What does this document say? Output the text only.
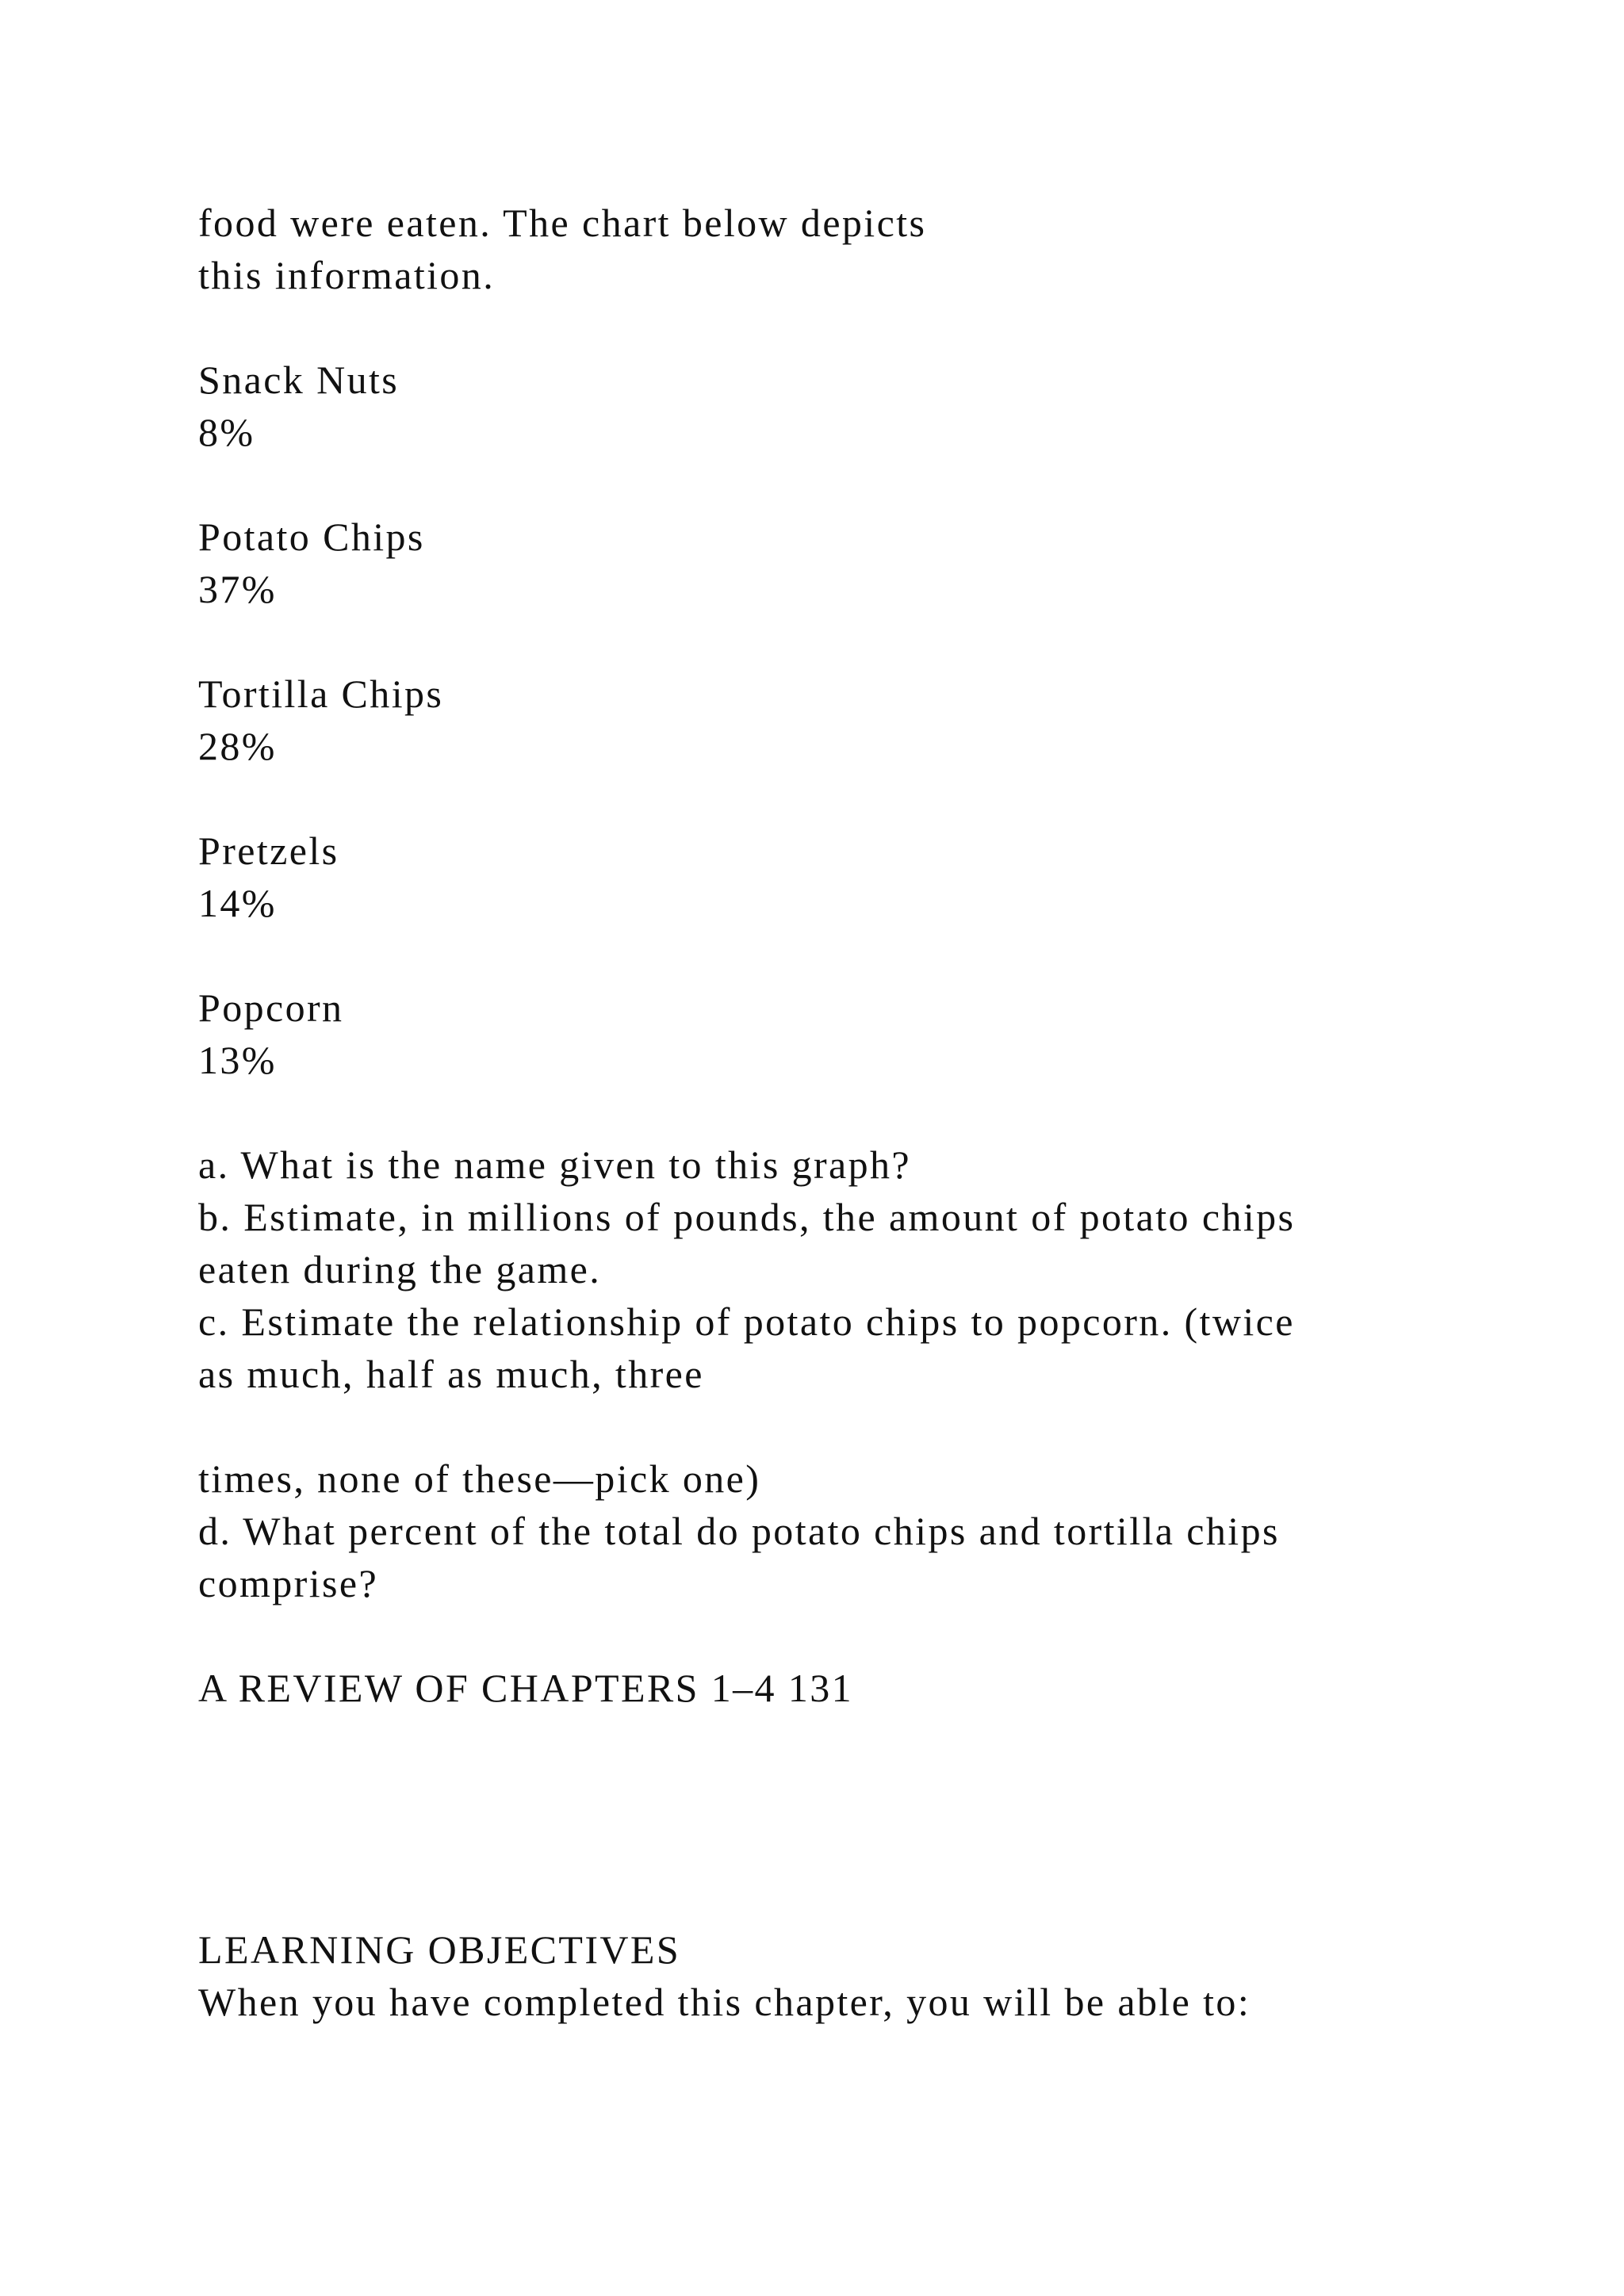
food were eaten. The chart below depicts
this information.
Snack Nuts
8%
Potato Chips
37%
Tortilla Chips
28%
Pretzels
14%
Popcorn
13%
a. What is the name given to this graph?
b. Estimate, in millions of pounds, the amount of potato chips
eaten during the game.
c. Estimate the relationship of potato chips to popcorn. (twice
as much, half as much, three
times, none of these—pick one)
d. What percent of the total do potato chips and tortilla chips
comprise?
A REVIEW OF CHAPTERS 1–4 131
LEARNING OBJECTIVES
When you have completed this chapter, you will be able to:
